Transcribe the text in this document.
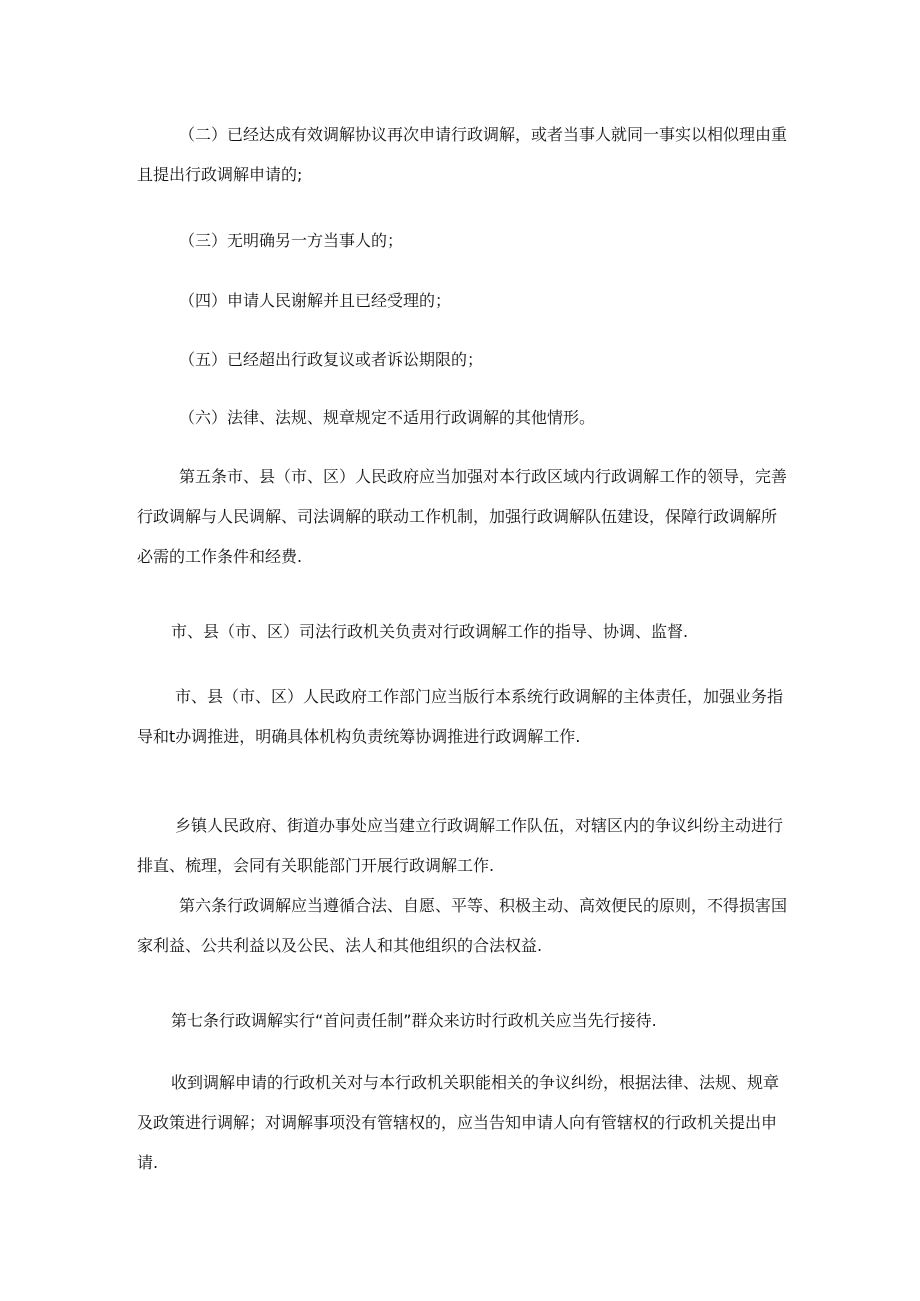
（二）已经达成有效调解协议再次申请行政调解，或者当事人就同一事实以相似理由重且提出行政调解申请的;

（三）无明确另一方当事人的；

（四）申请人民谢解并且已经受理的；

（五）已经超出行政复议或者诉讼期限的；

（六）法律、法规、规章规定不适用行政调解的其他情形。

第五条市、县（市、区）人民政府应当加强对本行政区域内行政调解工作的领导，完善行政调解与人民调解、司法调解的联动工作机制，加强行政调解队伍建设，保障行政调解所必需的工作条件和经费.

市、县（市、区）司法行政机关负责对行政调解工作的指导、协调、监督.

市、县（市、区）人民政府工作部门应当版行本系统行政调解的主体责任，加强业务指导和t办调推进，明确具体机构负责统筹协调推进行政调解工作.

乡镇人民政府、街道办事处应当建立行政调解工作队伍，对辖区内的争议纠纷主动进行排直、梳理，会同有关职能部门开展行政调解工作.

第六条行政调解应当遵循合法、自愿、平等、积极主动、高效便民的原则，不得损害国家利益、公共利益以及公民、法人和其他组织的合法权益.

第七条行政调解实行“首问责任制”群众来访时行政机关应当先行接待.

收到调解申请的行政机关对与本行政机关职能相关的争议纠纷，根据法律、法规、规章及政策进行调解；对调解事项没有管辖权的，应当告知申请人向有管辖权的行政机关提出申请.
